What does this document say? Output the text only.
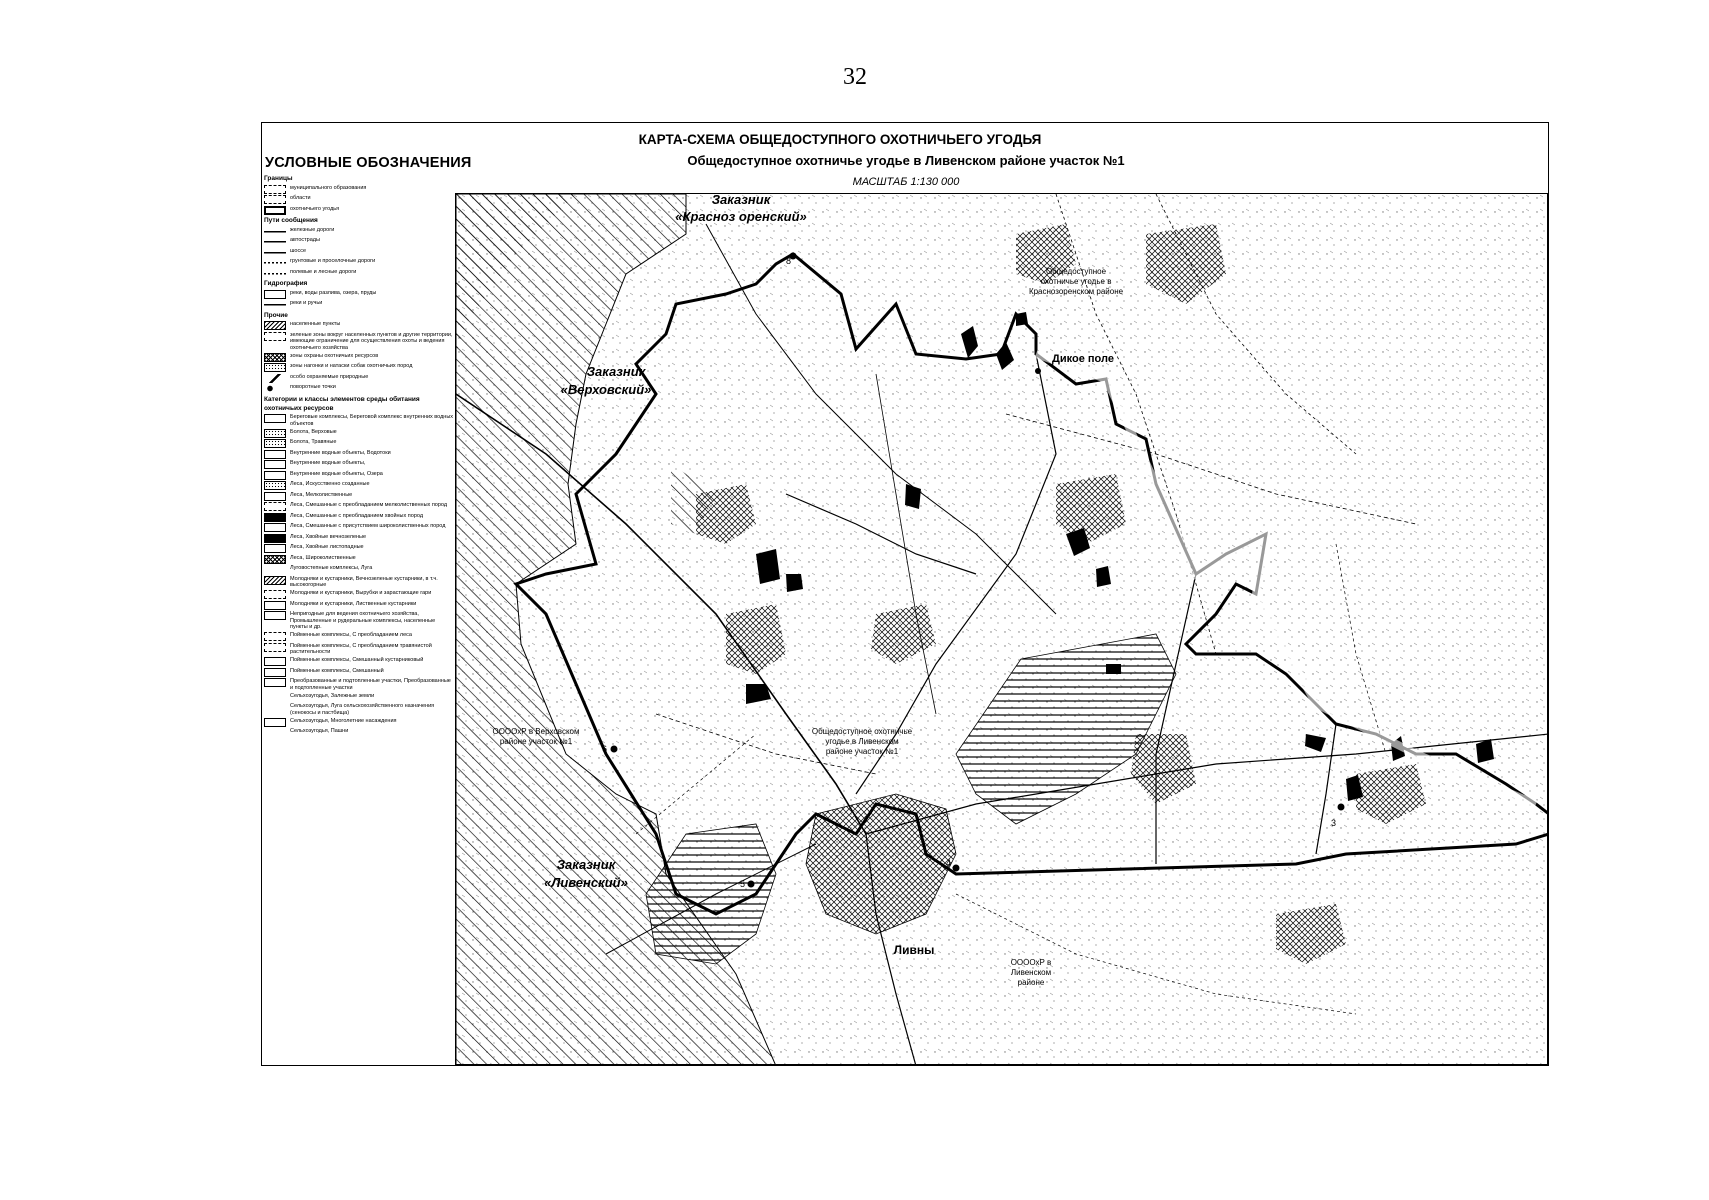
32
УСЛОВНЫЕ ОБОЗНАЧЕНИЯ
КАРТА-СХЕМА ОБЩЕДОСТУПНОГО ОХОТНИЧЬЕГО УГОДЬЯ
Общедоступное охотничье угодье в Ливенском районе участок №1
МАСШТАБ 1:130 000
Границы
муниципального образования
области
охотничьего угодья
Пути сообщения
железные дороги
автострады
шоссе
грунтовые и проселочные дороги
полевые и лесные дороги
Гидрография
реки, воды разлива, озера, пруды
реки и ручьи
Прочие
населенные пункты
зеленые зоны вокруг населенных пунктов и другие территории, имеющие ограничение для осуществления охоты и ведения охотничьего хозяйства
зоны охраны охотничьих ресурсов
зоны нагонки и натаски собак охотничьих пород
особо охраняемые природные
поворотные точки
Категории и классы элементов среды обитания охотничьих ресурсов
Береговые комплексы, Береговой комплекс внутренних водных объектов
Болота, Верховые
Болота, Травяные
Внутренние водные объекты, Водотоки
Внутренние водные объекты,
Внутренние водные объекты, Озера
Леса, Искусственно созданные
Леса, Мелколиственные
Леса, Смешанные с преобладанием мелколиственных пород
Леса, Смешанные с преобладанием хвойных пород
Леса, Смешанные с присутствием широколиственных пород
Леса, Хвойные вечнозеленые
Леса, Хвойные листопадные
Леса, Широколиственные
Луговостепные комплексы, Луга
Молодняки и кустарники, Вечнозеленые кустарники, в т.ч. высокогорные
Молодняки и кустарники, Вырубки и зарастающие гари
Молодняки и кустарники, Лиственные кустарники
Непригодные для ведения охотничьего хозяйства, Промышленные и рудеральные комплексы, населенные пункты и др.
Пойменные комплексы, С преобладанием леса
Пойменные комплексы, С преобладанием травянистой растительности
Пойменные комплексы, Смешанный кустарниковый
Пойменные комплексы, Смешанный
Преобразованные и подтопленные участки, Преобразованные и подтопленные участки
Сельхозугодья, Залежные земли
Сельхозугодья, Луга сельскохозяйственного назначения (сенокосы и пастбища)
Сельхозугодья, Многолетние насаждения
Сельхозугодья, Пашни
8
6
5
4
3
Заказник
«Красноз оренский»
Заказник
«Верховский»
Заказник
«Ливенский»
Общедоступное
охотничье угодье в
Краснозоренском районе
Общедоступное охотничье
угодье в Ливенском
районе участок №1
ООООхР в Верховском
районе участок №1
ООООхР в
Ливенском
районе
Дикое поле
Ливны
